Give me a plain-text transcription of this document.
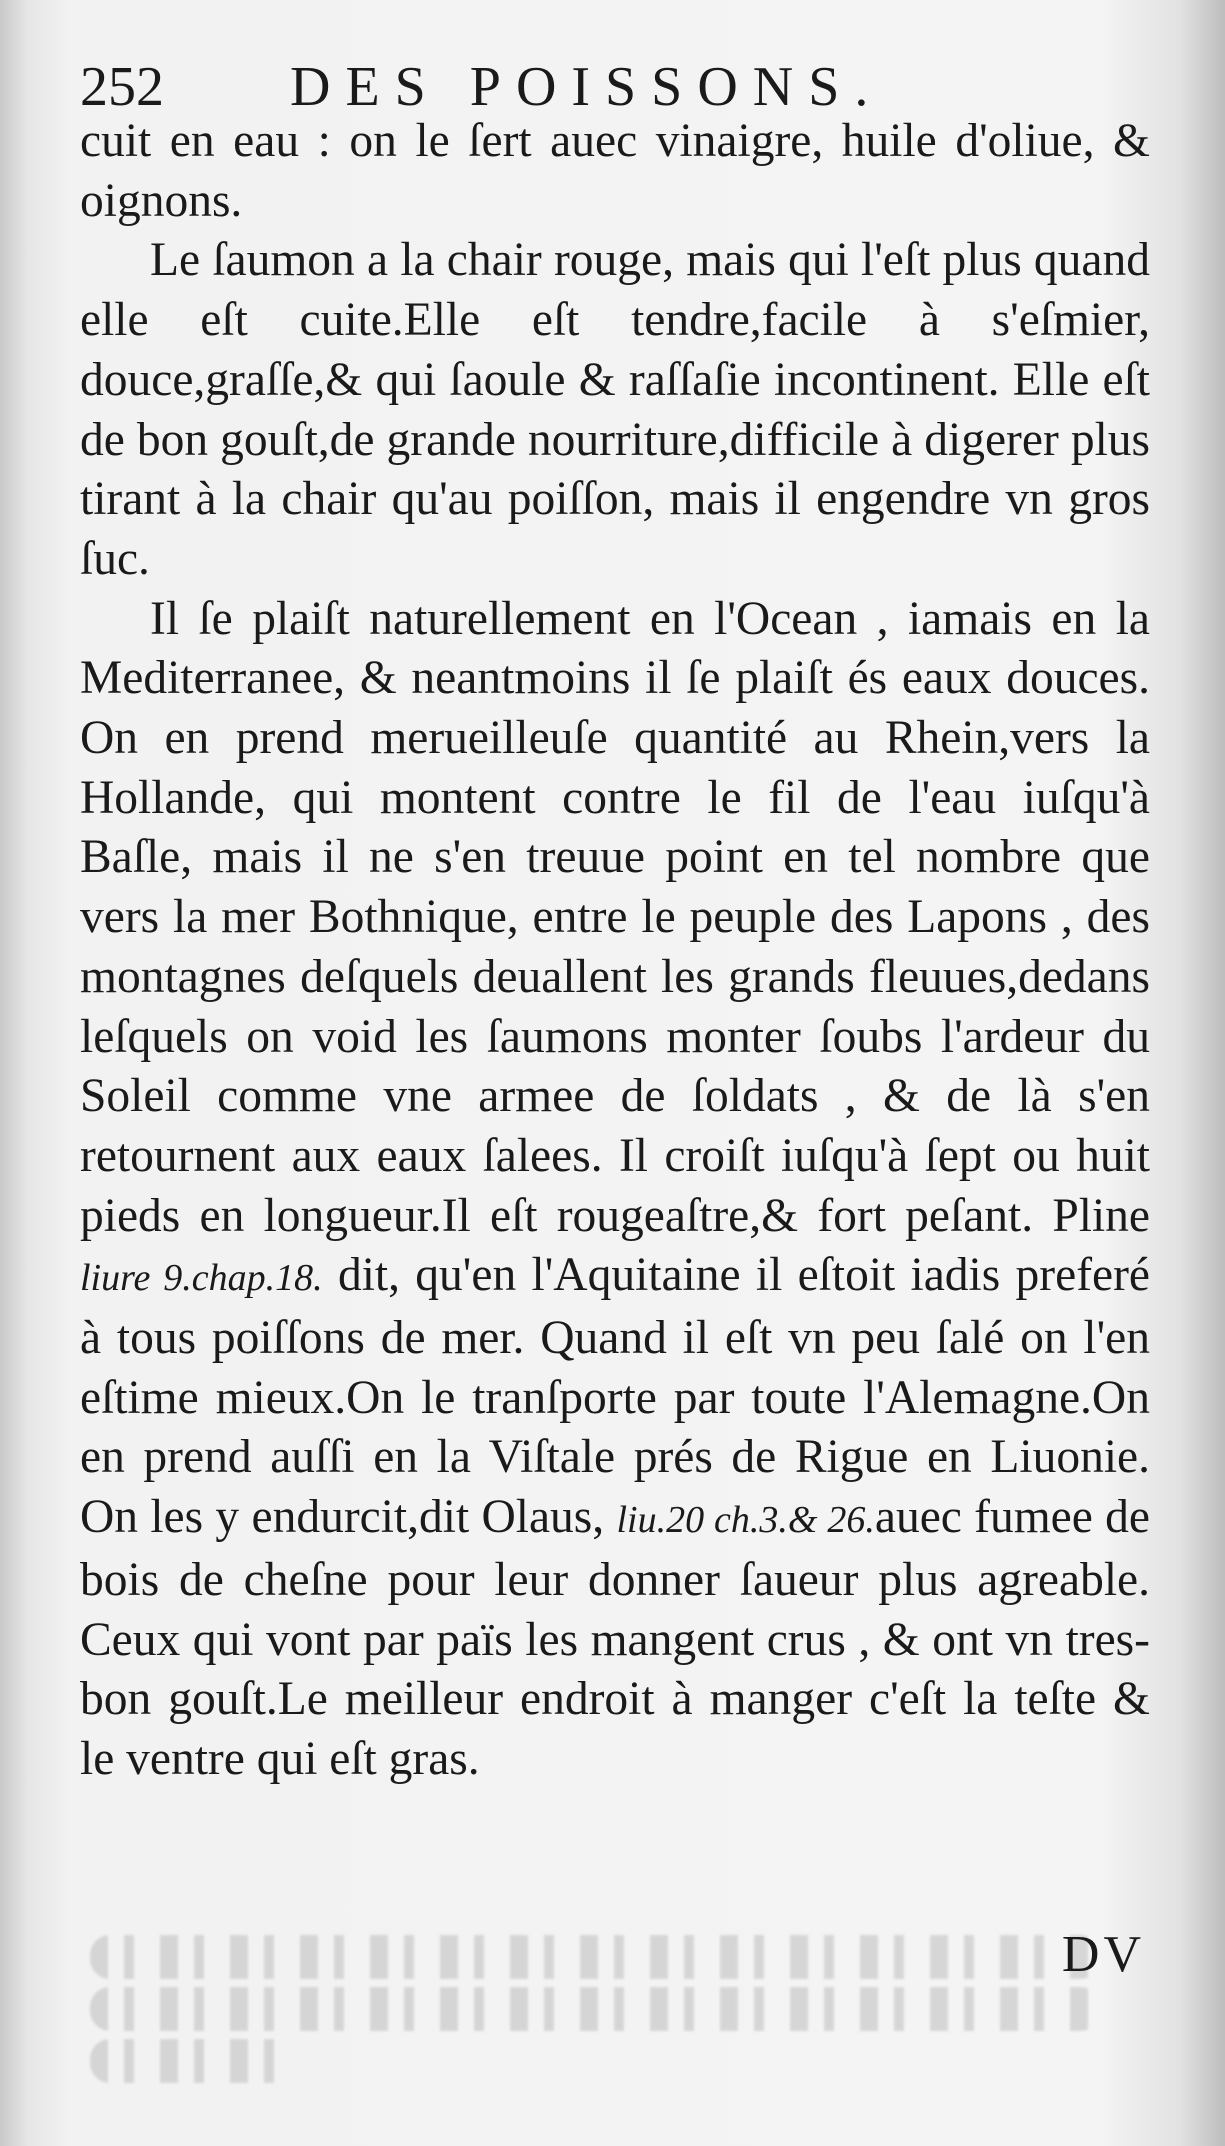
252 DES POISSONS.

cuit en eau : on le ſert auec vinaigre, huile d'oliue, & oignons.

Le ſaumon a la chair rouge, mais qui l'eſt plus quand elle eſt cuite.Elle eſt tendre,facile à s'eſmier, douce,graſſe,& qui ſaoule & raſſaſie incontinent. Elle eſt de bon gouſt,de grande nourriture,difficile à digerer plus tirant à la chair qu'au poiſſon, mais il engendre vn gros ſuc.

Il ſe plaiſt naturellement en l'Ocean , iamais en la Mediterranee, & neantmoins il ſe plaiſt és eaux douces. On en prend merueilleuſe quantité au Rhein,vers la Hollande, qui montent contre le fil de l'eau iuſqu'à Baſle, mais il ne s'en treuue point en tel nombre que vers la mer Bothnique, entre le peuple des Lapons , des montagnes deſquels deuallent les grands fleuues,dedans leſquels on void les ſaumons monter ſoubs l'ardeur du Soleil comme vne armee de ſoldats , & de là s'en retournent aux eaux ſalees. Il croiſt iuſqu'à ſept ou huit pieds en longueur.Il eſt rougeaſtre,& fort peſant. Pline liure 9.chap.18. dit, qu'en l'Aquitaine il eſtoit iadis preferé à tous poiſſons de mer. Quand il eſt vn peu ſalé on l'en eſtime mieux.On le tranſporte par toute l'Alemagne.On en prend auſſi en la Viſtale prés de Rigue en Liuonie. On les y endurcit,dit Olaus, liu.20 ch.3.& 26.auec fumee de bois de cheſne pour leur donner ſaueur plus agreable. Ceux qui vont par païs les mangent crus , & ont vn tres-bon gouſt.Le meilleur endroit à manger c'eſt la teſte & le ventre qui eſt gras.

DV
